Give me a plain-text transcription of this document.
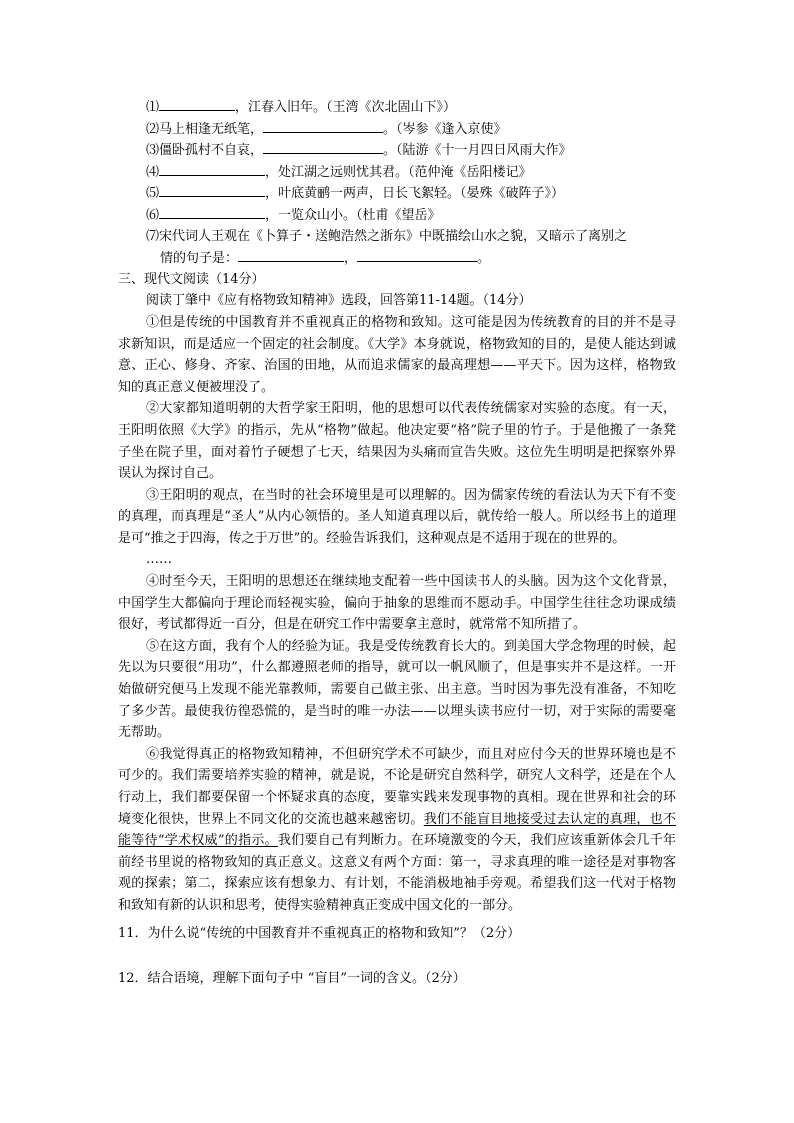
⑴	，江春入旧年。（王湾《次北固山下》）
⑵马上相逢无纸笔，	。（岑参《逢入京使》
⑶僵卧孤村不自哀，	。（陆游《十一月四日风雨大作》
⑷	，处江湖之远则忧其君。（范仲淹《岳阳楼记》
⑸	，叶底黄鹂一两声，日长飞絮轻。（晏殊《破阵子》）
⑹	，一览众山小。（杜甫《望岳》
⑺宋代词人王观在《卜算子・送鲍浩然之浙东》中既描绘山水之貌，又暗示了离别之
情的句子是：	，	。
三、现代文阅读（14分）
阅读丁肇中《应有格物致知精神》选段，回答第11-14题。（14分）
①但是传统的中国教育并不重视真正的格物和致知。这可能是因为传统教育的目的并不是寻求新知识，而是适应一个固定的社会制度。《大学》本身就说，格物致知的目的，是使人能达到诚意、正心、修身、齐家、治国的田地，从而追求儒家的最高理想——平天下。因为这样，格物致知的真正意义便被埋没了。
②大家都知道明朝的大哲学家王阳明，他的思想可以代表传统儒家对实验的态度。有一天，王阳明依照《大学》的指示，先从“格物”做起。他决定要“格”院子里的竹子。于是他搬了一条凳子坐在院子里，面对着竹子硬想了七天，结果因为头痛而宣告失败。这位先生明明是把探察外界误认为探讨自己。
③王阳明的观点，在当时的社会环境里是可以理解的。因为儒家传统的看法认为天下有不变的真理，而真理是“圣人”从内心领悟的。圣人知道真理以后，就传给一般人。所以经书上的道理是可“推之于四海，传之于万世”的。经验告诉我们，这种观点是不适用于现在的世界的。
……
④时至今天，王阳明的思想还在继续地支配着一些中国读书人的头脑。因为这个文化背景，中国学生大都偏向于理论而轻视实验，偏向于抽象的思维而不愿动手。中国学生往往念功课成绩很好，考试都得近一百分，但是在研究工作中需要拿主意时，就常常不知所措了。
⑤在这方面，我有个人的经验为证。我是受传统教育长大的。到美国大学念物理的时候，起先以为只要很“用功”，什么都遵照老师的指导，就可以一帆风顺了，但是事实并不是这样。一开始做研究便马上发现不能光靠教师，需要自己做主张、出主意。当时因为事先没有准备，不知吃了多少苦。最使我彷徨恐慌的，是当时的唯一办法——以埋头读书应付一切，对于实际的需要毫无帮助。
⑥我觉得真正的格物致知精神，不但研究学术不可缺少，而且对应付今天的世界环境也是不可少的。我们需要培养实验的精神，就是说，不论是研究自然科学，研究人文科学，还是在个人行动上，我们都要保留一个怀疑求真的态度，要靠实践来发现事物的真相。现在世界和社会的环境变化很快，世界上不同文化的交流也越来越密切。我们不能盲目地接受过去认定的真理，也不能等待“学术权威”的指示。我们要自己有判断力。在环境激变的今天，我们应该重新体会几千年前经书里说的格物致知的真正意义。这意义有两个方面：第一，寻求真理的唯一途径是对事物客观的探索；第二，探索应该有想象力、有计划，不能消极地袖手旁观。希望我们这一代对于格物和致知有新的认识和思考，使得实验精神真正变成中国文化的一部分。
11．为什么说“传统的中国教育并不重视真正的格物和致知”？（2分）
12．结合语境，理解下面句子中 “盲目”一词的含义。（2分）
